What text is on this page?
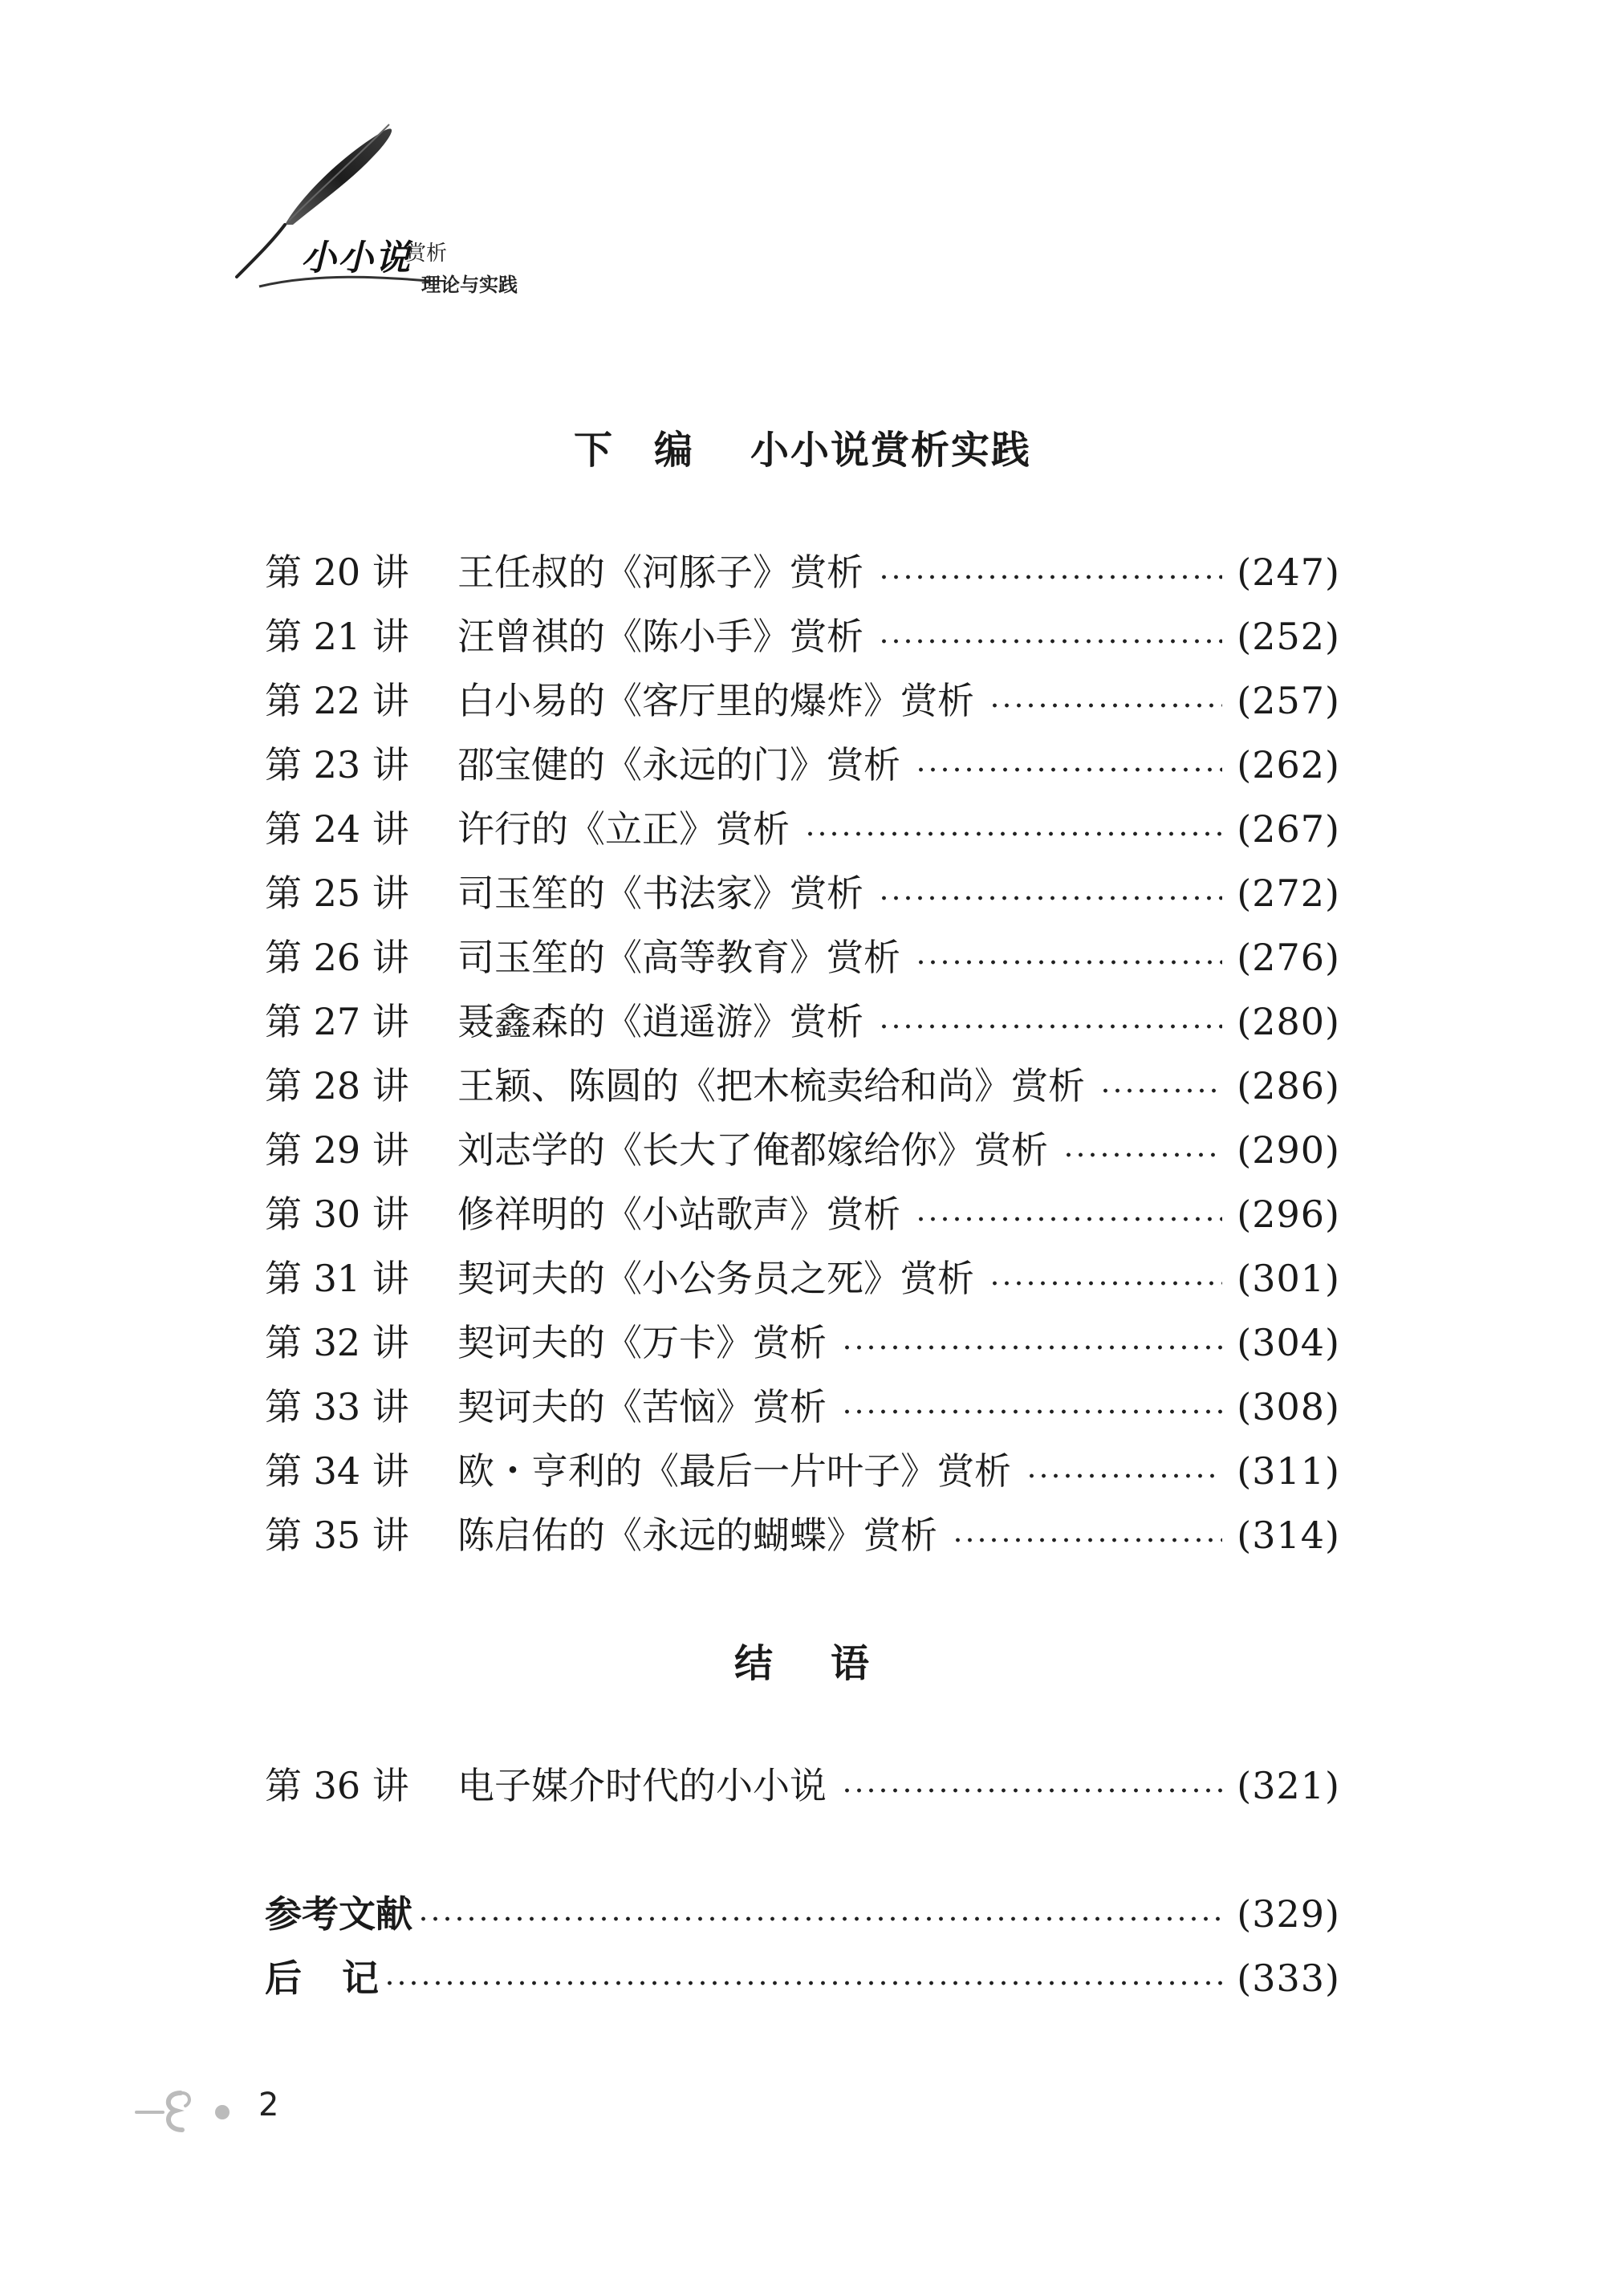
小小说
赏析
理论与实践
下　编 小小说赏析实践
第 20 讲	王任叔的《河豚子》赏析	(247)
第 21 讲	汪曾祺的《陈小手》赏析	(252)
第 22 讲	白小易的《客厅里的爆炸》赏析	(257)
第 23 讲	邵宝健的《永远的门》赏析	(262)
第 24 讲	许行的《立正》赏析	(267)
第 25 讲	司玉笙的《书法家》赏析	(272)
第 26 讲	司玉笙的《高等教育》赏析	(276)
第 27 讲	聂鑫森的《逍遥游》赏析	(280)
第 28 讲	王颖、陈圆的《把木梳卖给和尚》赏析	(286)
第 29 讲	刘志学的《长大了俺都嫁给你》赏析	(290)
第 30 讲	修祥明的《小站歌声》赏析	(296)
第 31 讲	契诃夫的《小公务员之死》赏析	(301)
第 32 讲	契诃夫的《万卡》赏析	(304)
第 33 讲	契诃夫的《苦恼》赏析	(308)
第 34 讲	欧・亨利的《最后一片叶子》赏析	(311)
第 35 讲	陈启佑的《永远的蝴蝶》赏析	(314)
结 语
第 36 讲	电子媒介时代的小小说	(321)
参考文献	(329)
后 记	(333)
2
